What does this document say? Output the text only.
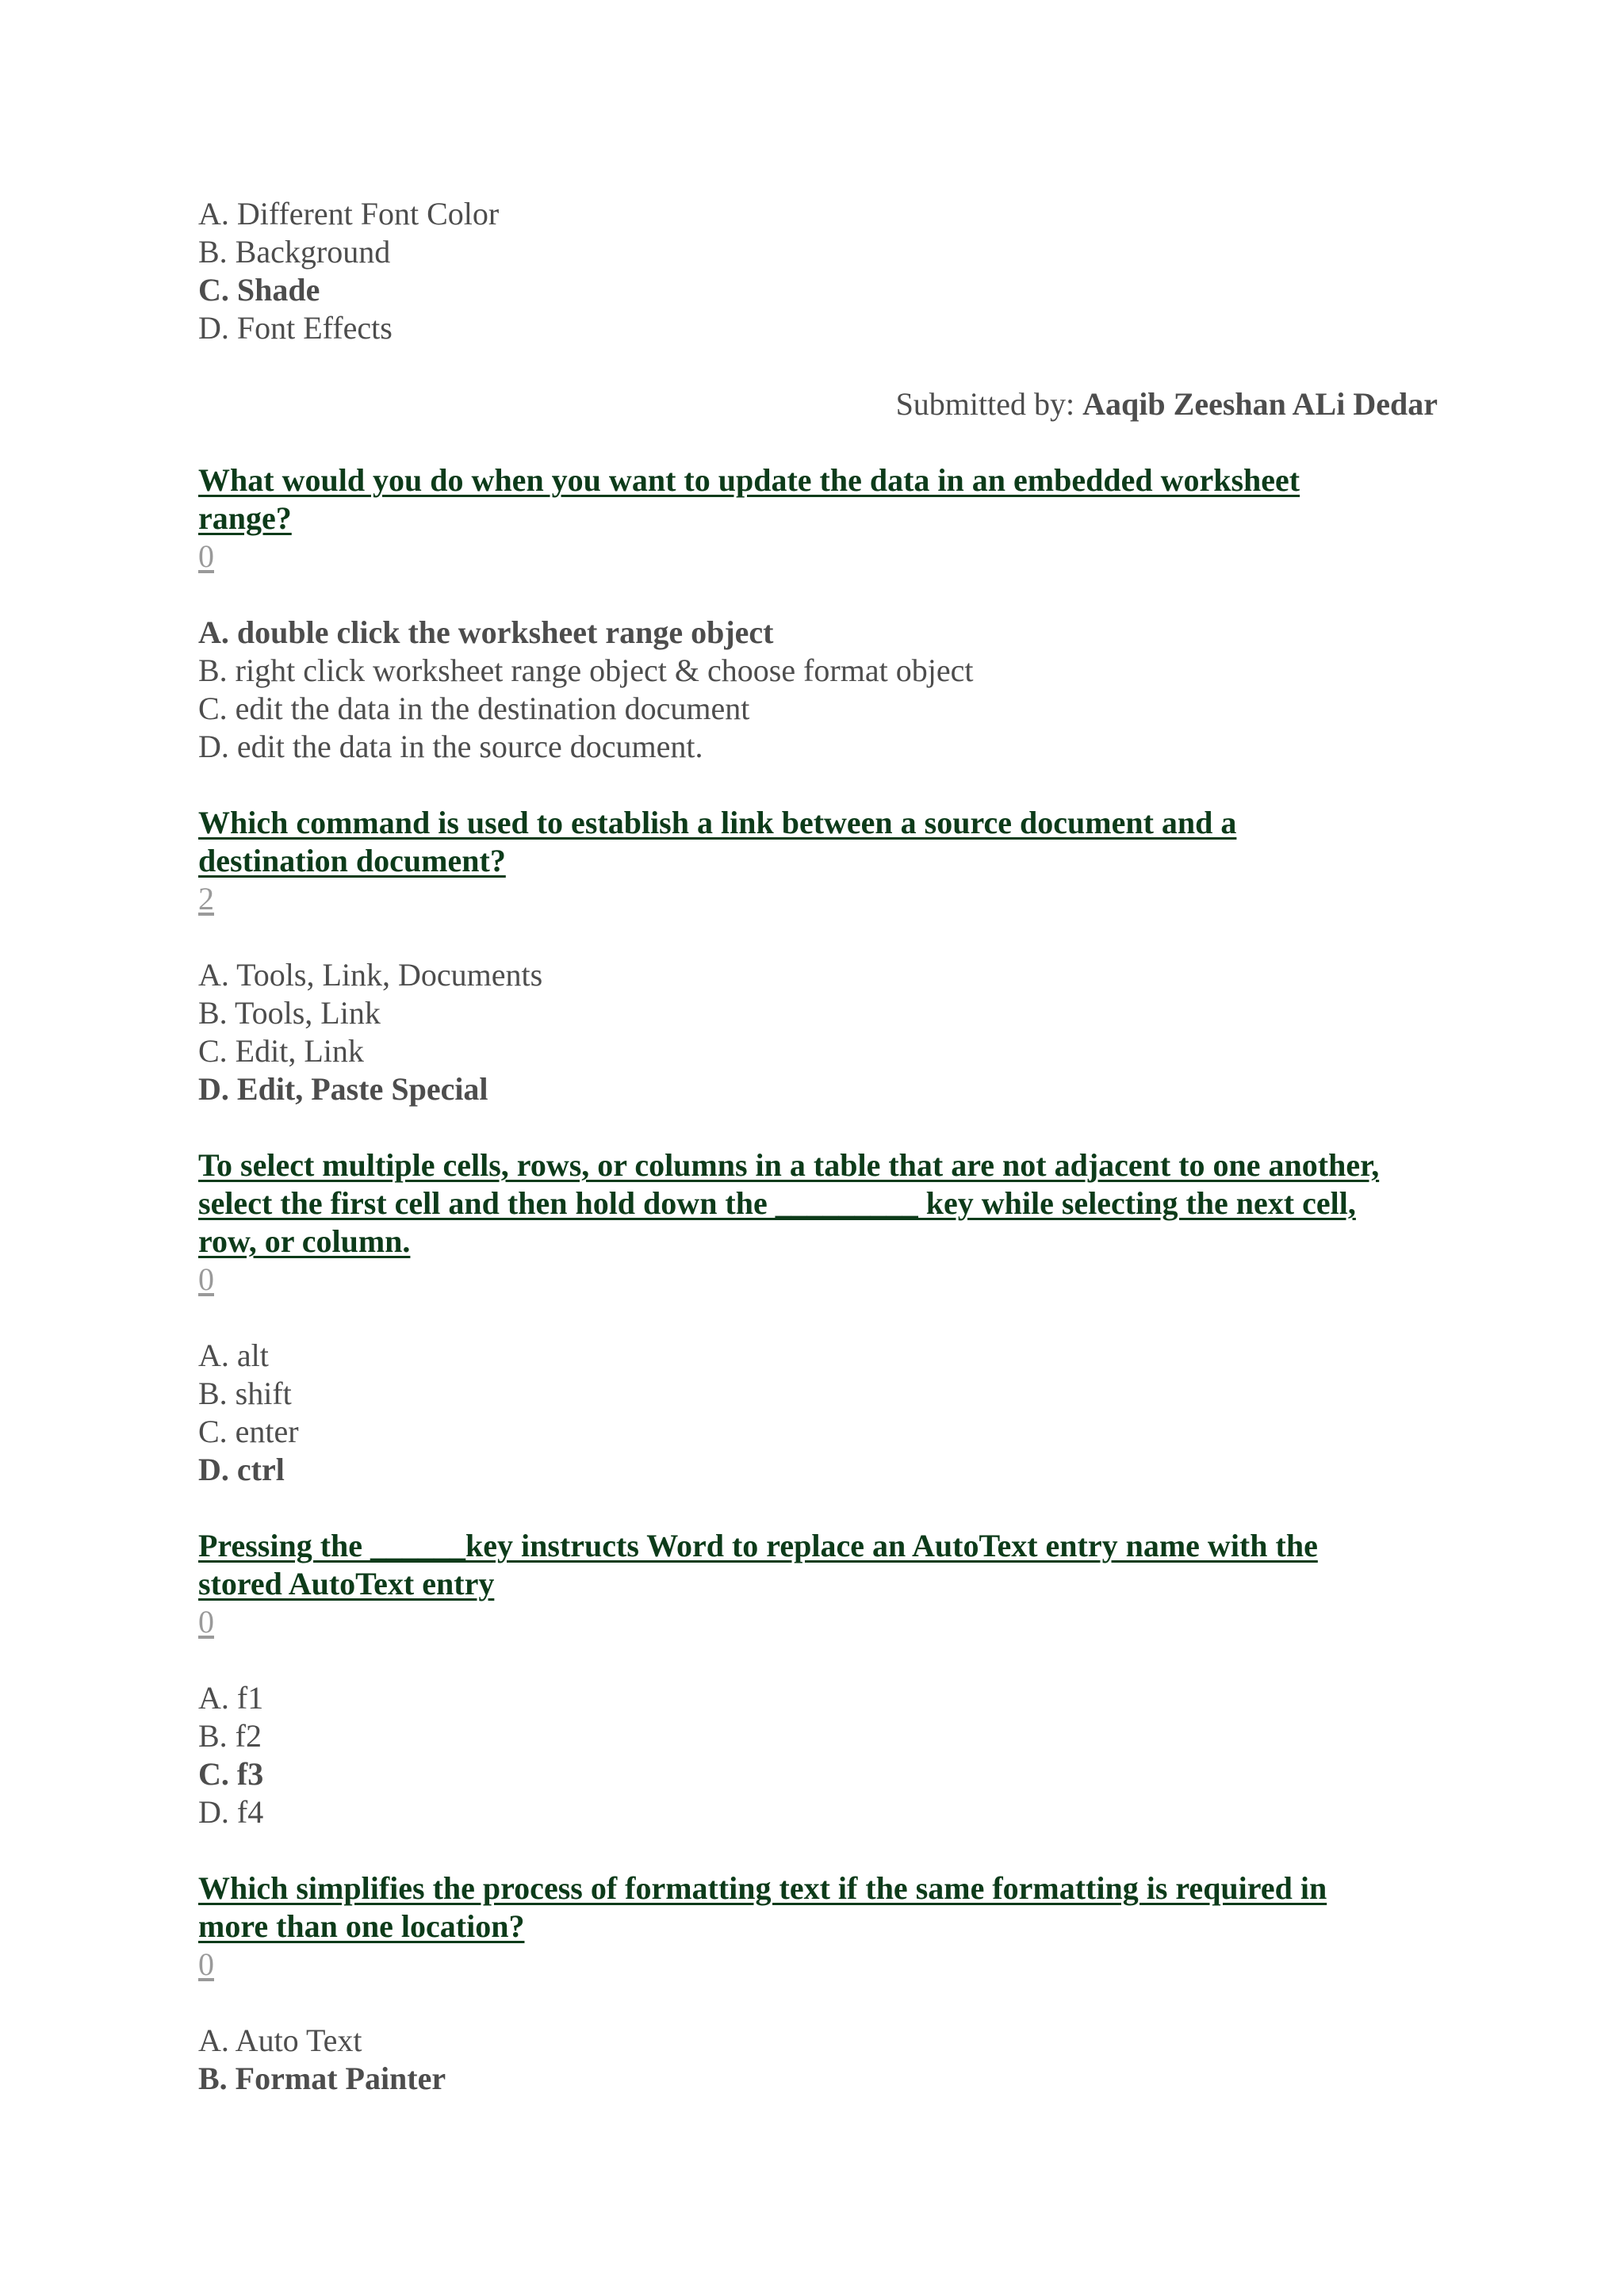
A. Different Font Color
B. Background
C. Shade
D. Font Effects
Submitted by: Aaqib Zeeshan ALi Dedar
What would you do when you want to update the data in an embedded worksheet
range?
0
A. double click the worksheet range object
B. right click worksheet range object & choose format object
C. edit the data in the destination document
D. edit the data in the source document.
Which command is used to establish a link between a source document and a
destination document?
2
A. Tools, Link, Documents
B. Tools, Link
C. Edit, Link
D. Edit, Paste Special
To select multiple cells, rows, or columns in a table that are not adjacent to one another,
select the first cell and then hold down the _________ key while selecting the next cell,
row, or column.
0
A. alt
B. shift
C. enter
D. ctrl
Pressing the ______key instructs Word to replace an AutoText entry name with the
stored AutoText entry
0
A. f1
B. f2
C. f3
D. f4
Which simplifies the process of formatting text if the same formatting is required in
more than one location?
0
A. Auto Text
B. Format Painter
